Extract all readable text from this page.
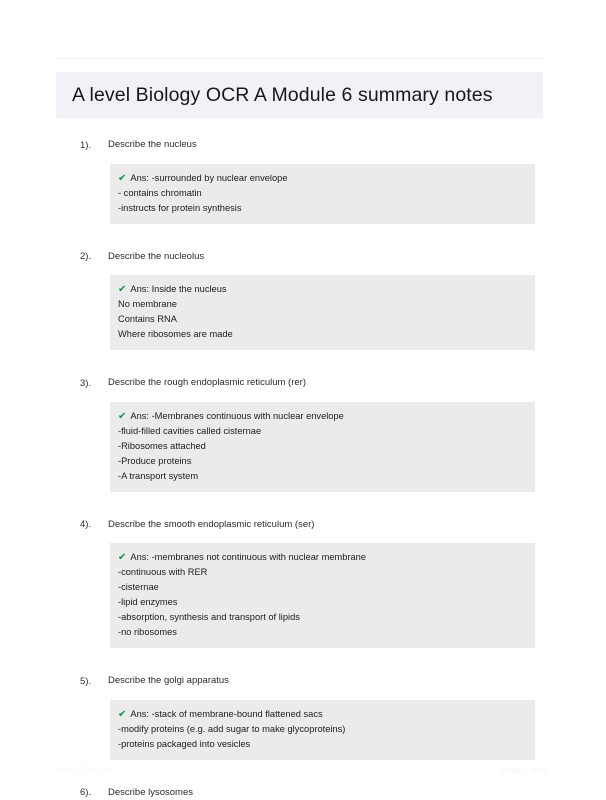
A level Biology OCR A Module 6 summary notes
1).	Describe the nucleus
✔ Ans: -surrounded by nuclear envelope
- contains chromatin
-instructs for protein synthesis
2).	Describe the nucleolus
✔ Ans: Inside the nucleus
No membrane
Contains RNA
Where ribosomes are made
3).	Describe the rough endoplasmic reticulum (rer)
✔ Ans: -Membranes continuous with nuclear envelope
-fluid-filled cavities called cisternae
-Ribosomes attached
-Produce proteins
-A transport system
4).	Describe the smooth endoplasmic reticulum (ser)
✔ Ans: -membranes not continuous with nuclear membrane
-continuous with RER
-cisternae
-lipid enzymes
-absorption, synthesis and transport of lipids
-no ribosomes
5).	Describe the golgi apparatus
✔ Ans: -stack of membrane-bound flattened sacs
-modify proteins (e.g. add sugar to make glycoproteins)
-proteins packaged into vesicles
6).	Describe lysosomes
PaperTitle.com	Page 1 of 46
